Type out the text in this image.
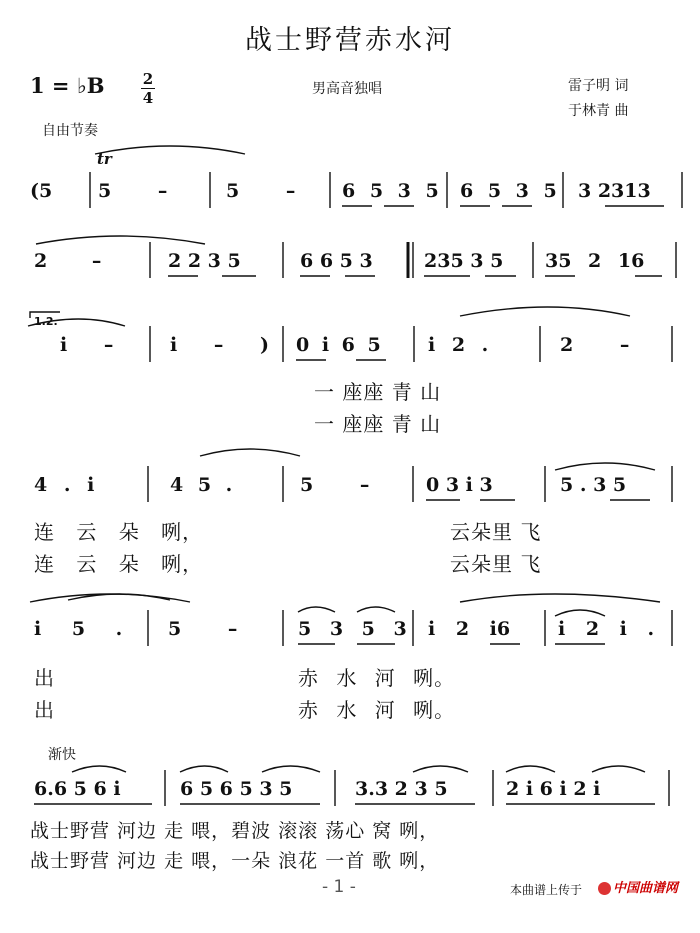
战士野营赤水河
1 = ♭B	2
4	男高音独唱	雷子明 词
于林青 曲
自由节奏
tr
1.2.
(5 5 –	5 – 6 5 3 5 6 5 3 5 3 2313
2 –	2 2 3 5	6 6 5 3	235 3 5 35 2 16
i –	i – ) 0 i 6 5 i 2 .	2 –
一 座座 青 山
一 座座 青 山
4 . i	4 5 .	5 –	0 3 i 3	5 . 3 5
连 云 朵 咧，	云朵里 飞
连 云 朵 咧，	云朵里 飞
i 5 . 5 –	5 3 5 3 i 2 i6	i 2 i .
出	赤 水 河 咧。
出	赤 水 河 咧。
渐快
6.6 5 6 i	6 5 6 5 3 5	3.3 2 3 5	2 i 6 i 2 i
战士野营 河边 走 喂，碧波 滚滚 荡心 窝 咧，
战士野营 河边 走 喂，一朵 浪花 一首 歌 咧，
- 1 -	本曲谱上传于	中国曲谱网
